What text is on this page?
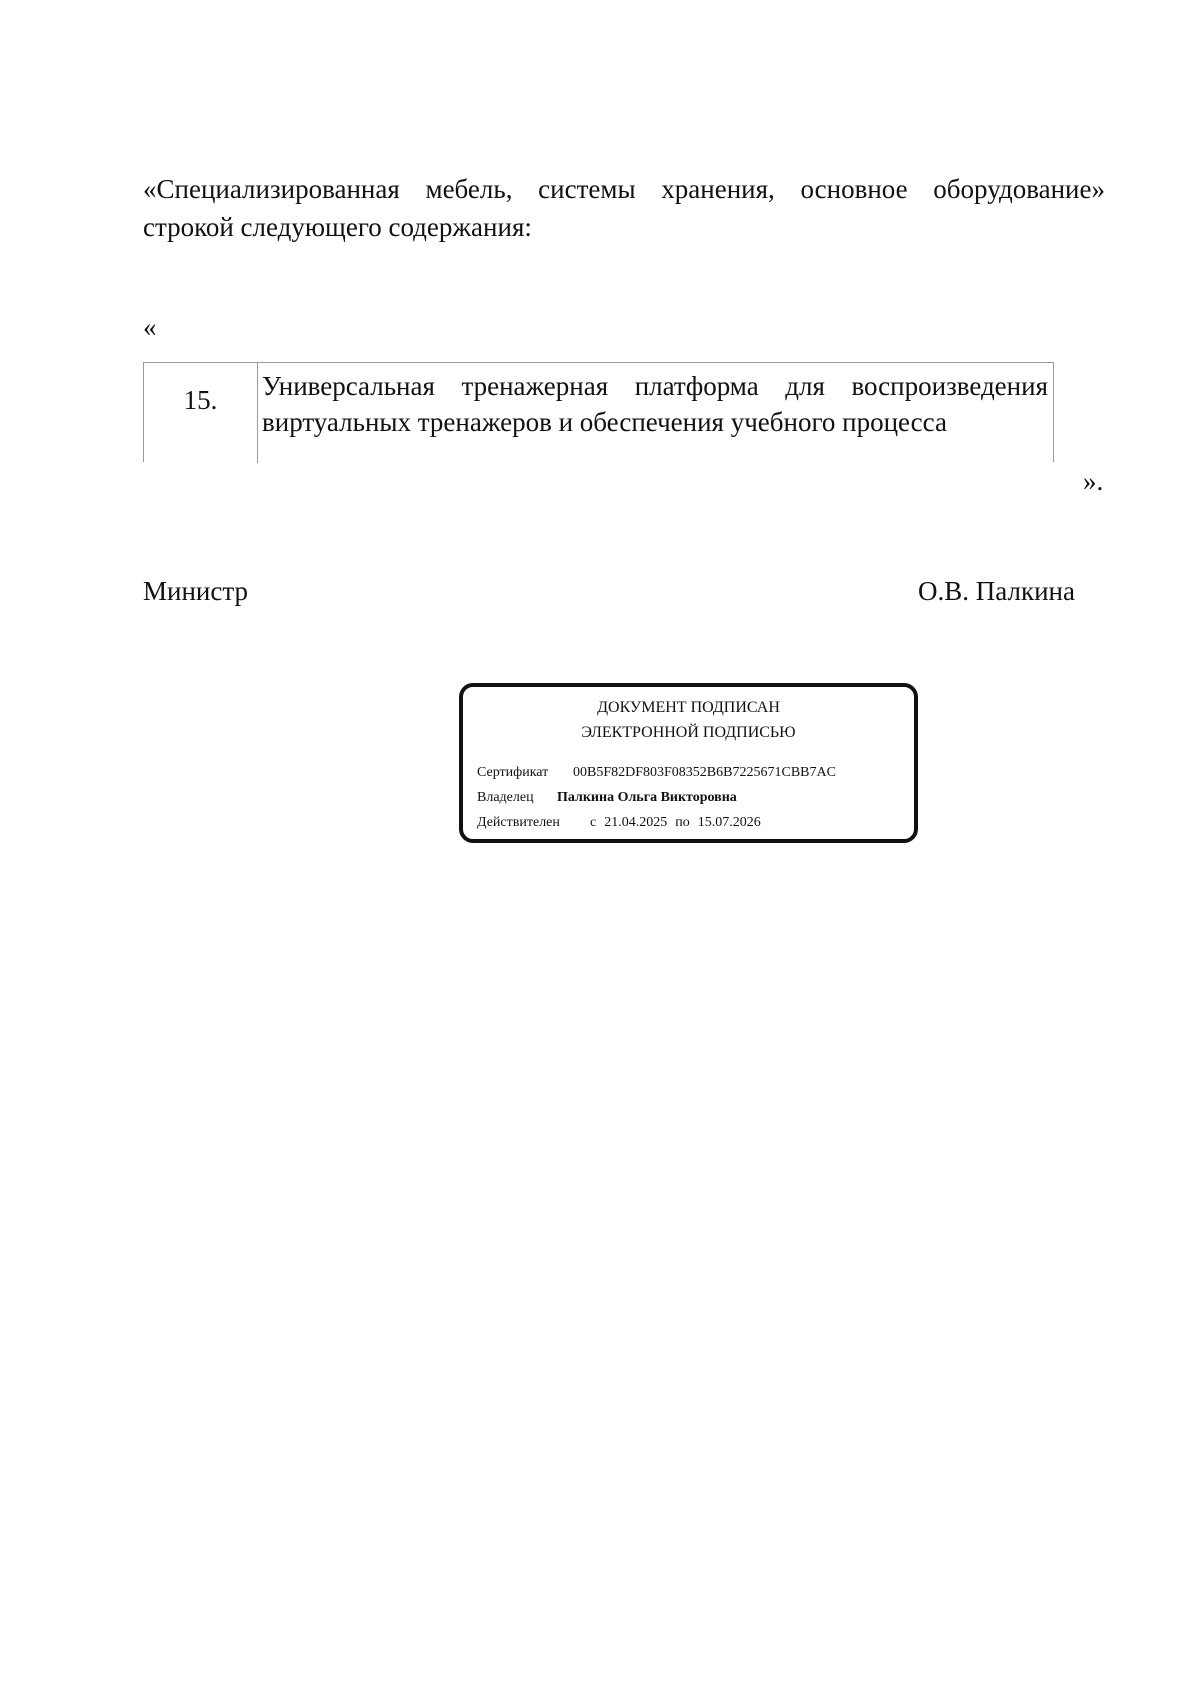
«Специализированная мебель, системы хранения, основное оборудование»
строкой следующего содержания:
«
15.	Универсальная тренажерная платформа для воспроизведения
виртуальных тренажеров и обеспечения учебного процесса
».
Министр	О.В. Палкина
ДОКУМЕНТ ПОДПИСАН
ЭЛЕКТРОННОЙ ПОДПИСЬЮ
Сертификат 00B5F82DF803F08352B6B7225671CBB7AC
Владелец Палкина Ольга Викторовна
Действителен с 21.04.2025 по 15.07.2026
